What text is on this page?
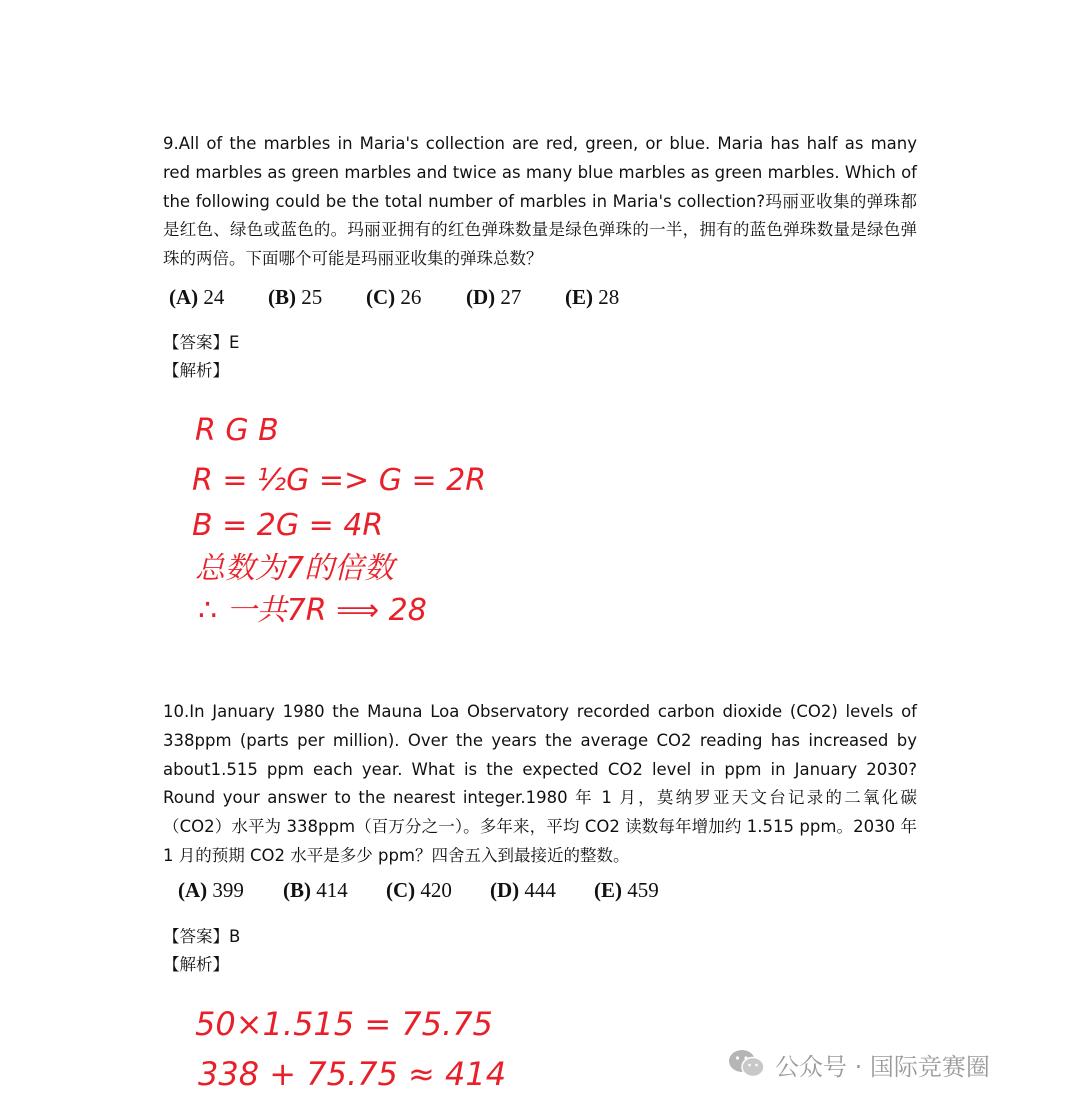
9.All of the marbles in Maria's collection are red, green, or blue. Maria has half as many red marbles as green marbles and twice as many blue marbles as green marbles. Which of the following could be the total number of marbles in Maria's collection?玛丽亚收集的弹珠都是红色、绿色或蓝色的。玛丽亚拥有的红色弹珠数量是绿色弹珠的一半，拥有的蓝色弹珠数量是绿色弹珠的两倍。下面哪个可能是玛丽亚收集的弹珠总数？
(A) 24 (B) 25 (C) 26 (D) 27 (E) 28
【答案】E
【解析】
10.In January 1980 the Mauna Loa Observatory recorded carbon dioxide (CO2) levels of 338ppm (parts per million). Over the years the average CO2 reading has increased by about1.515 ppm each year. What is the expected CO2 level in ppm in January 2030? Round your answer to the nearest integer.1980 年 1 月，莫纳罗亚天文台记录的二氧化碳（CO2）水平为 338ppm（百万分之一）。多年来，平均 CO2 读数每年增加约 1.515 ppm。2030 年 1 月的预期 CO2 水平是多少 ppm？四舍五入到最接近的整数。
(A) 399 (B) 414 (C) 420 (D) 444 (E) 459
【答案】B
【解析】
R G B
R = ½G => G = 2R
B = 2G = 4R
总数为7的倍数
∴ 一共7R ⟹ 28
50×1.515 = 75.75
338 + 75.75 ≈ 414	公众号 · 国际竞赛圈
